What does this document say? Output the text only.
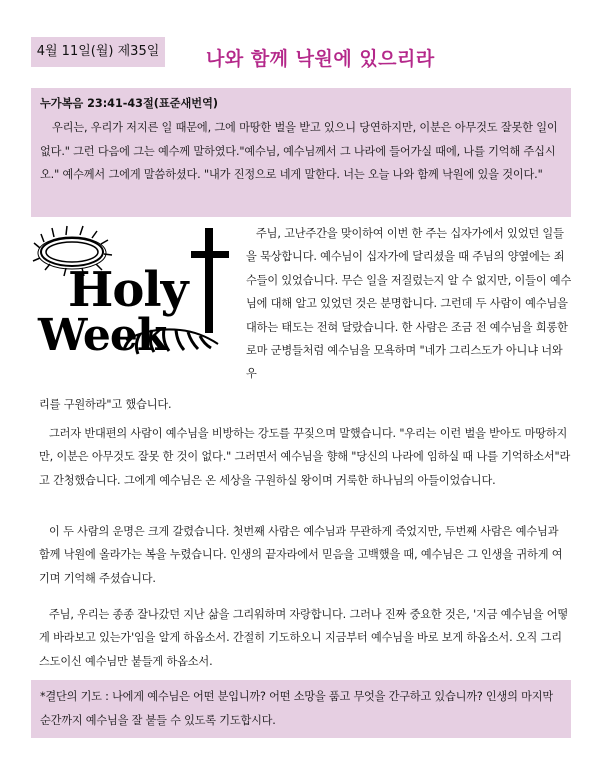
4월 11일(월) 제35일	나와 함께 낙원에 있으리라
누가복음 23:41-43절(표준새번역)
우리는, 우리가 저지른 일 때문에, 그에 마땅한 벌을 받고 있으니 당연하지만, 이분은 아무것도 잘못한 일이 없다." 그런 다음에 그는 예수께 말하였다."예수님, 예수님께서 그 나라에 들어가실 때에, 나를 기억해 주십시오." 예수께서 그에게 말씀하셨다. "내가 진정으로 네게 말한다. 너는 오늘 나와 함께 낙원에 있을 것이다."
Holy
Week
주님, 고난주간을 맞이하여 이번 한 주는 십자가에서 있었던 일들을 묵상합니다. 예수님이 십자가에 달리셨을 때 주님의 양옆에는 죄수들이 있었습니다. 무슨 일을 저질렀는지 알 수 없지만, 이들이 예수님에 대해 알고 있었던 것은 분명합니다. 그런데 두 사람이 예수님을 대하는 태도는 전혀 달랐습니다. 한 사람은 조금 전 예수님을 희롱한 로마 군병들처럼 예수님을 모욕하며 "네가 그리스도가 아니냐 너와 우
리를 구원하라"고 했습니다.
그러자 반대편의 사람이 예수님을 비방하는 강도를 꾸짖으며 말했습니다. "우리는 이런 벌을 받아도 마땅하지만, 이분은 아무것도 잘못 한 것이 없다." 그러면서 예수님을 향해 "당신의 나라에 임하실 때 나를 기억하소서"라고 간청했습니다. 그에게 예수님은 온 세상을 구원하실 왕이며 거룩한 하나님의 아들이었습니다.
이 두 사람의 운명은 크게 갈렸습니다. 첫번째 사람은 예수님과 무관하게 죽었지만, 두번째 사람은 예수님과 함께 낙원에 올라가는 복을 누렸습니다. 인생의 끝자라에서 믿음을 고백했을 때, 예수님은 그 인생을 귀하게 여기며 기억해 주셨습니다.
주님, 우리는 종종 잘나갔던 지난 삶을 그리워하며 자랑합니다. 그러나 진짜 중요한 것은, '지금 예수님을 어떻게 바라보고 있는가'임을 알게 하옵소서. 간절히 기도하오니 지금부터 예수님을 바로 보게 하옵소서. 오직 그리스도이신 예수님만 붙들게 하옵소서.
*결단의 기도 : 나에게 예수님은 어떤 분입니까? 어떤 소망을 품고 무엇을 간구하고 있습니까? 인생의 마지막 순간까지 예수님을 잘 붙들 수 있도록 기도합시다.
